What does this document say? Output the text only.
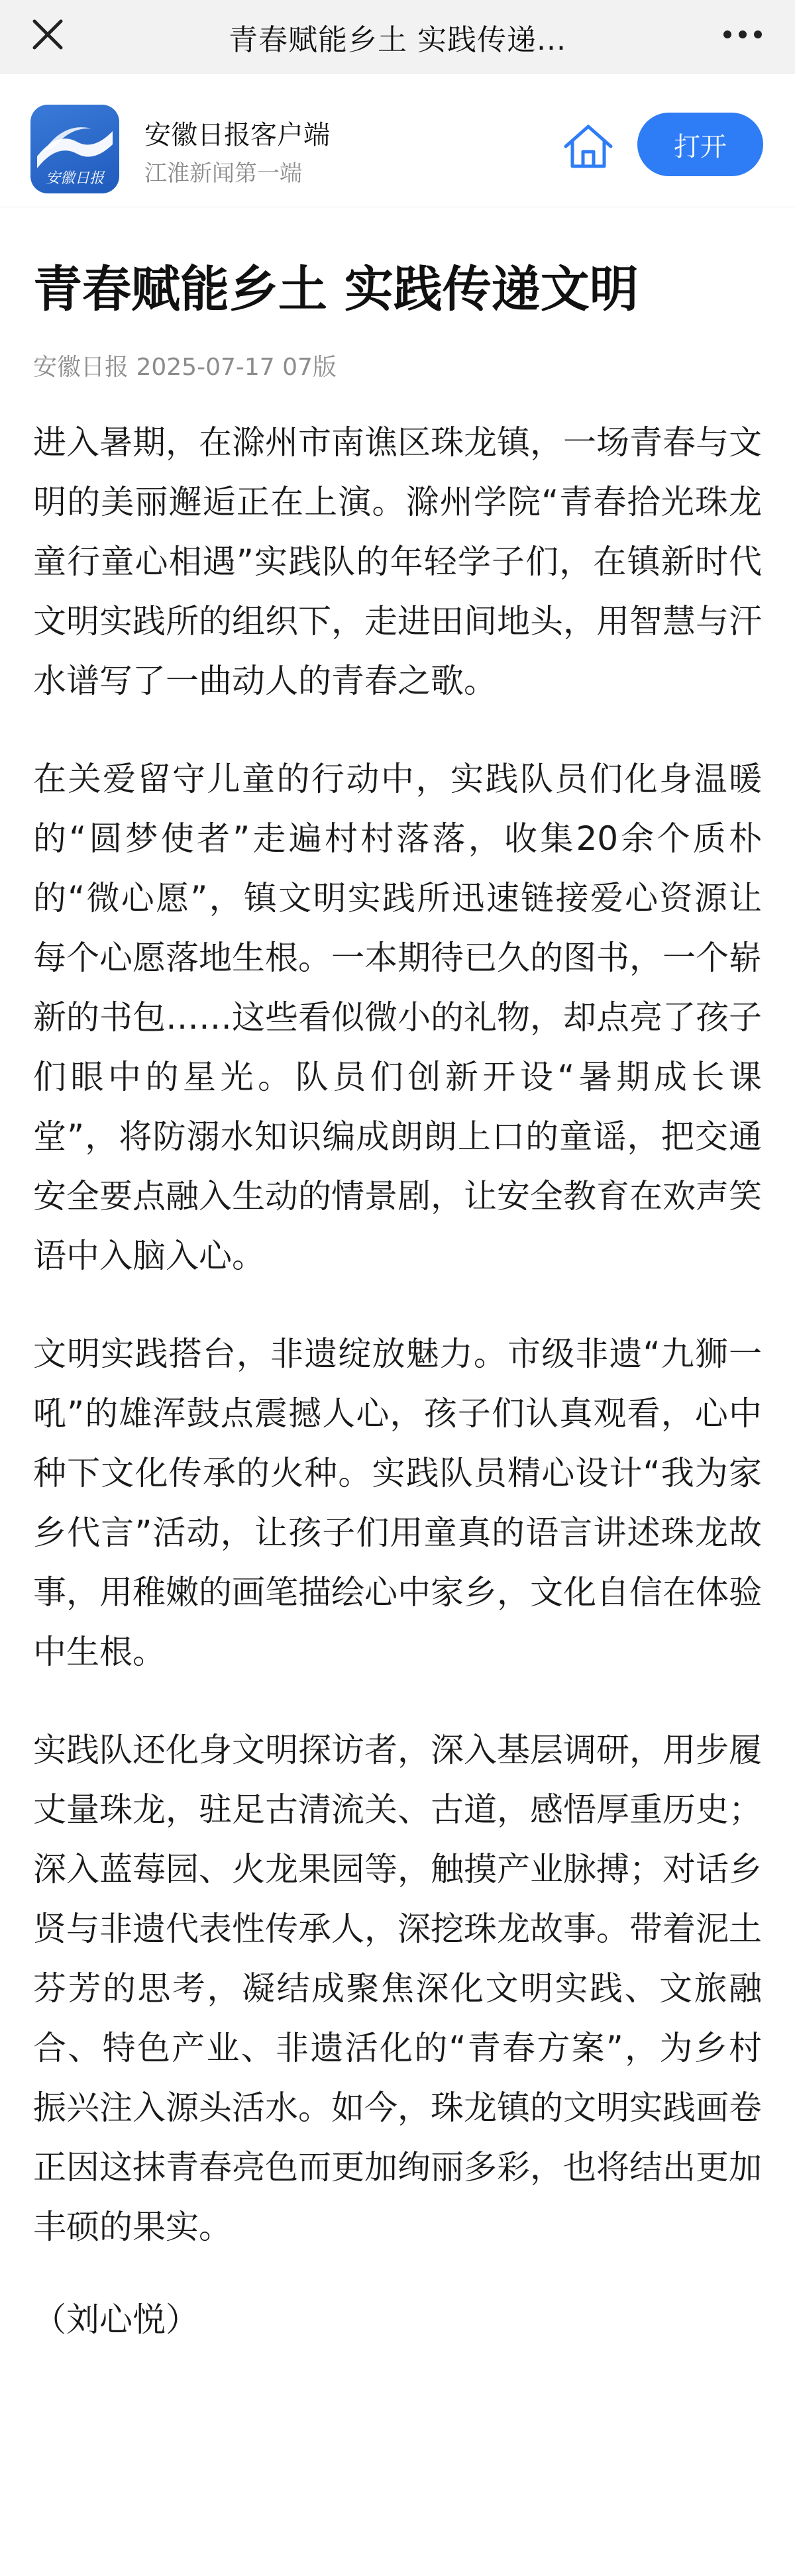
青春赋能乡土 实践传递...
安徽日报
安徽日报客户端
江淮新闻第一端
打开
青春赋能乡土 实践传递文明
安徽日报 2025-07-17 07版

进入暑期，在滁州市南谯区珠龙镇，一场青春与文明的美丽邂逅正在上演。滁州学院“青春拾光珠龙 童行童心相遇”实践队的年轻学子们，在镇新时代文明实践所的组织下，走进田间地头，用智慧与汗水谱写了一曲动人的青春之歌。

在关爱留守儿童的行动中，实践队员们化身温暖的“圆梦使者”走遍村村落落，收集20余个质朴的“微心愿”，镇文明实践所迅速链接爱心资源让每个心愿落地生根。一本期待已久的图书，一个崭新的书包……这些看似微小的礼物，却点亮了孩子们眼中的星光。队员们创新开设“暑期成长课堂”，将防溺水知识编成朗朗上口的童谣，把交通安全要点融入生动的情景剧，让安全教育在欢声笑语中入脑入心。

文明实践搭台，非遗绽放魅力。市级非遗“九狮一吼”的雄浑鼓点震撼人心，孩子们认真观看，心中种下文化传承的火种。实践队员精心设计“我为家乡代言”活动，让孩子们用童真的语言讲述珠龙故事，用稚嫩的画笔描绘心中家乡，文化自信在体验中生根。

实践队还化身文明探访者，深入基层调研，用步履丈量珠龙，驻足古清流关、古道，感悟厚重历史；深入蓝莓园、火龙果园等，触摸产业脉搏；对话乡贤与非遗代表性传承人，深挖珠龙故事。带着泥土芬芳的思考，凝结成聚焦深化文明实践、文旅融合、特色产业、非遗活化的“青春方案”，为乡村振兴注入源头活水。如今，珠龙镇的文明实践画卷正因这抹青春亮色而更加绚丽多彩，也将结出更加丰硕的果实。

（刘心悦）
